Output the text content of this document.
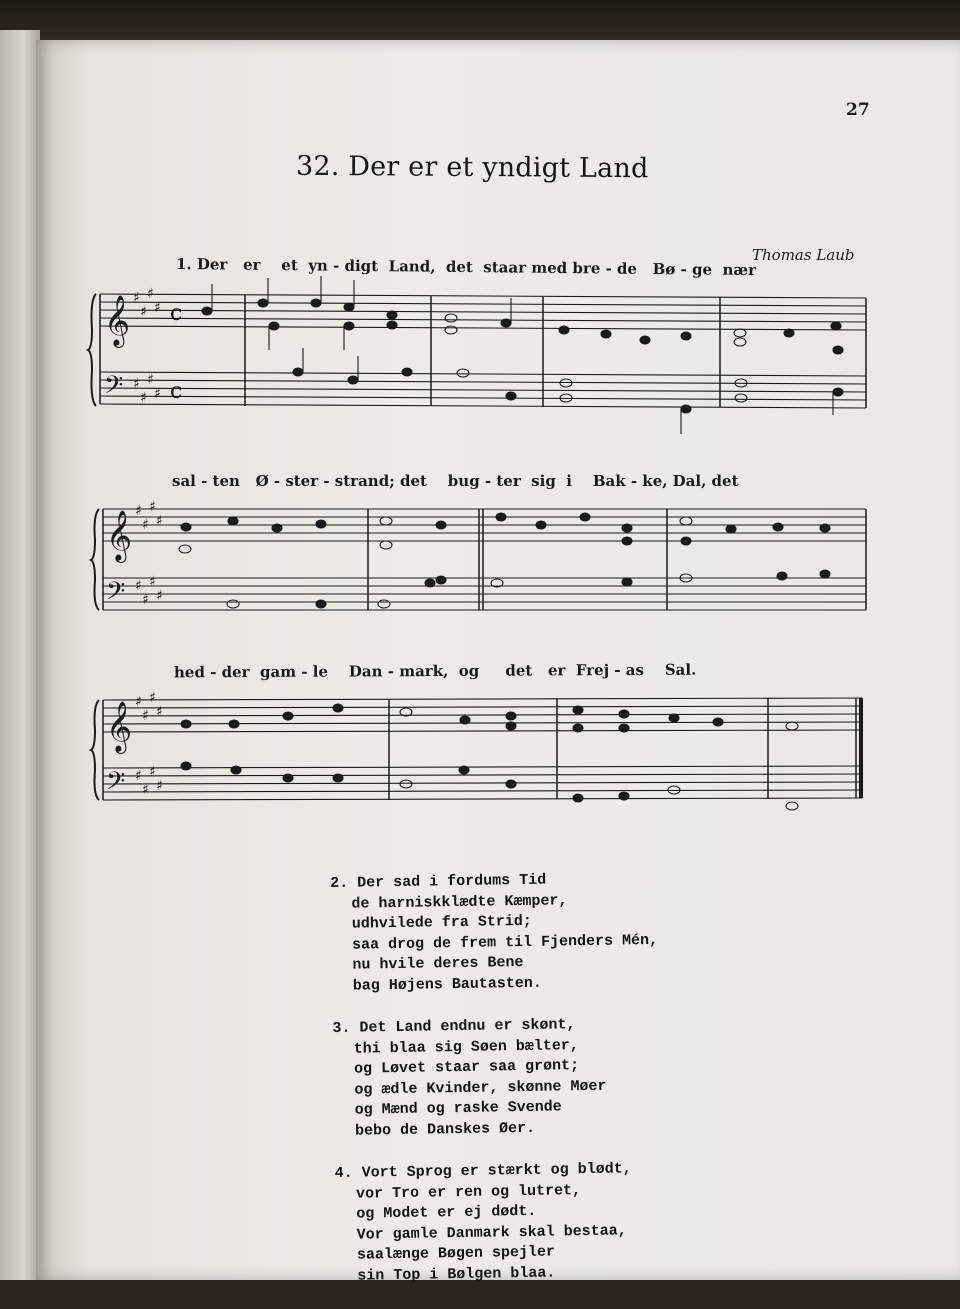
27
32. Der er et yndigt Land
Thomas Laub
1. Der   er    et  yn - digt  Land,  det  staar med bre - de   Bø - ge  nær
sal - ten   Ø - ster - strand; det    bug - ter  sig  i    Bak - ke, Dal, det
hed - der  gam - le    Dan - mark,  og     det   er  Frej - as    Sal.
𝄞
𝄢
𝄞
𝄢
𝄞
𝄢
♯
♯
♯
♯
♯
♯
♯
♯
♯
♯
♯
♯
♯
♯
♯
♯
♯
♯
♯
♯
♯
♯
♯
♯
c
c
2. Der sad i fordums Tid
de harniskklædte Kæmper,
udhvilede fra Strid;
saa drog de frem til Fjenders Mén,
nu hvile deres Bene
bag Højens Bautasten.
3. Det Land endnu er skønt,
thi blaa sig Søen bælter,
og Løvet staar saa grønt;
og ædle Kvinder, skønne Møer
og Mænd og raske Svende
bebo de Danskes Øer.
4. Vort Sprog er stærkt og blødt,
vor Tro er ren og lutret,
og Modet er ej dødt.
Vor gamle Danmark skal bestaa,
saalænge Bøgen spejler
sin Top i Bølgen blaa.
